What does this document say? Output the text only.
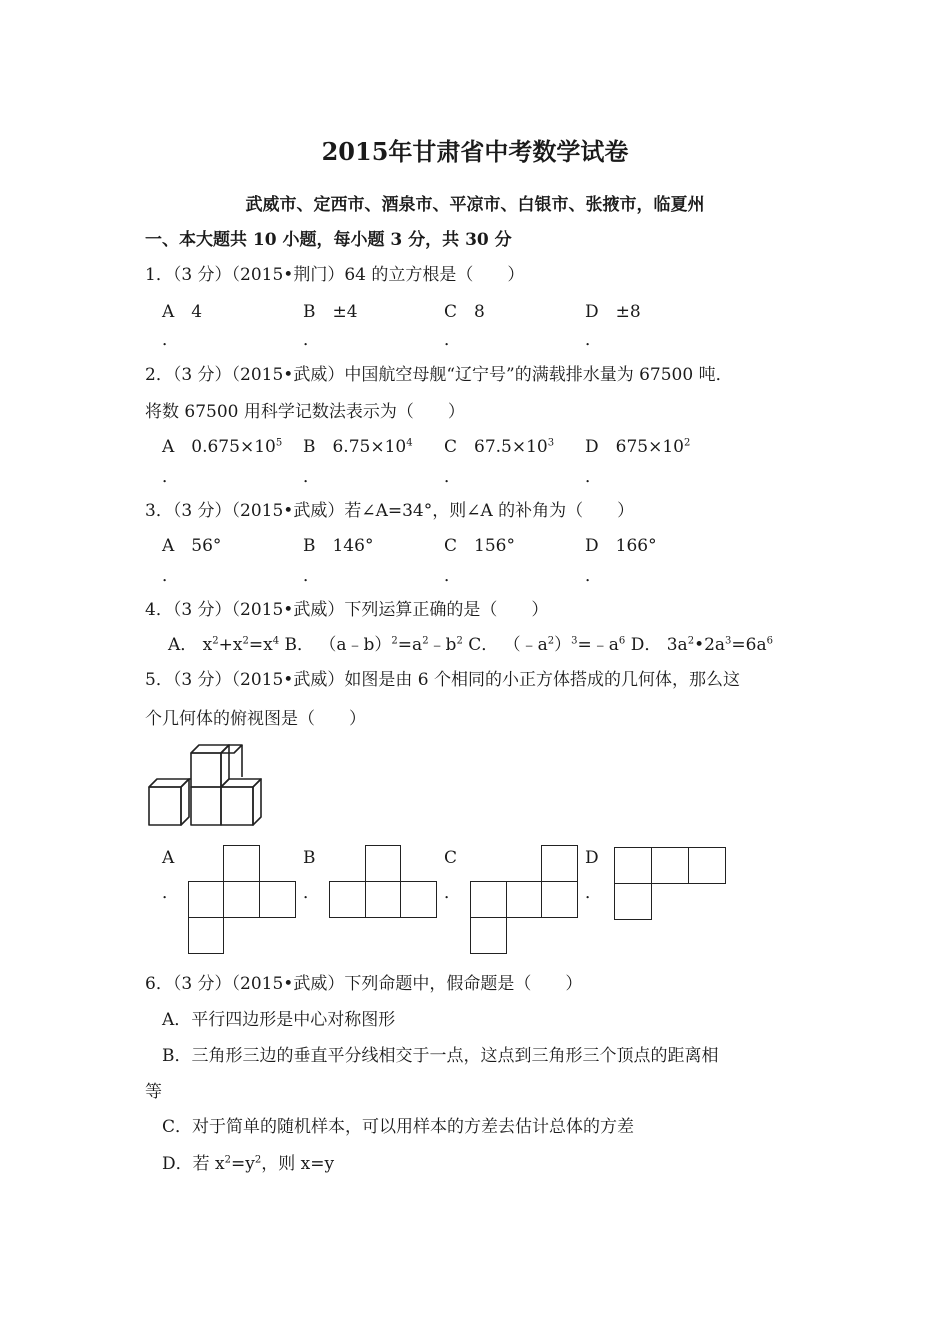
2015年甘肃省中考数学试卷
武威市、定西市、酒泉市、平凉市、白银市、张掖市，临夏州
一、本大题共 10 小题，每小题 3 分，共 30 分
1．（3 分）（2015•荆门）64 的立方根是（　　）
A　4	B　±4	C　8	D　±8
．	．	．	．
2．（3 分）（2015•武威）中国航空母舰“辽宁号”的满载排水量为 67500 吨．
将数 67500 用科学记数法表示为（　　）
A　$0.675\times 10^5$ B　$6.75\times 10^4$ C　$67.5\times 10^3$ D　$675\times 10^2$
．	．	．	．
3．（3 分）（2015•武威）若∠A=34°，则∠A 的补角为（　　）
A　56°	B　146°	C　156°	D　166°
．	．	．	．
4．（3 分）（2015•武威）下列运算正确的是（　　）
A． $x^2+x^2=x^4$ B． $(a﹣b)^2=a^2﹣b^2$ C． $(﹣a^2)^3=﹣a^6$ D． $3a^2•2a^3=6a^6$
5．（3 分）（2015•武威）如图是由 6 个相同的小正方体搭成的几何体，那么这
个几何体的俯视图是（　　）
A	B	C	D
．	．	．	．
6．（3 分）（2015•武威）下列命题中，假命题是（　　）
A．平行四边形是中心对称图形
B．三角形三边的垂直平分线相交于一点，这点到三角形三个顶点的距离相
等
C．对于简单的随机样本，可以用样本的方差去估计总体的方差
D．若 $x^2=y^2$，则 x=y
